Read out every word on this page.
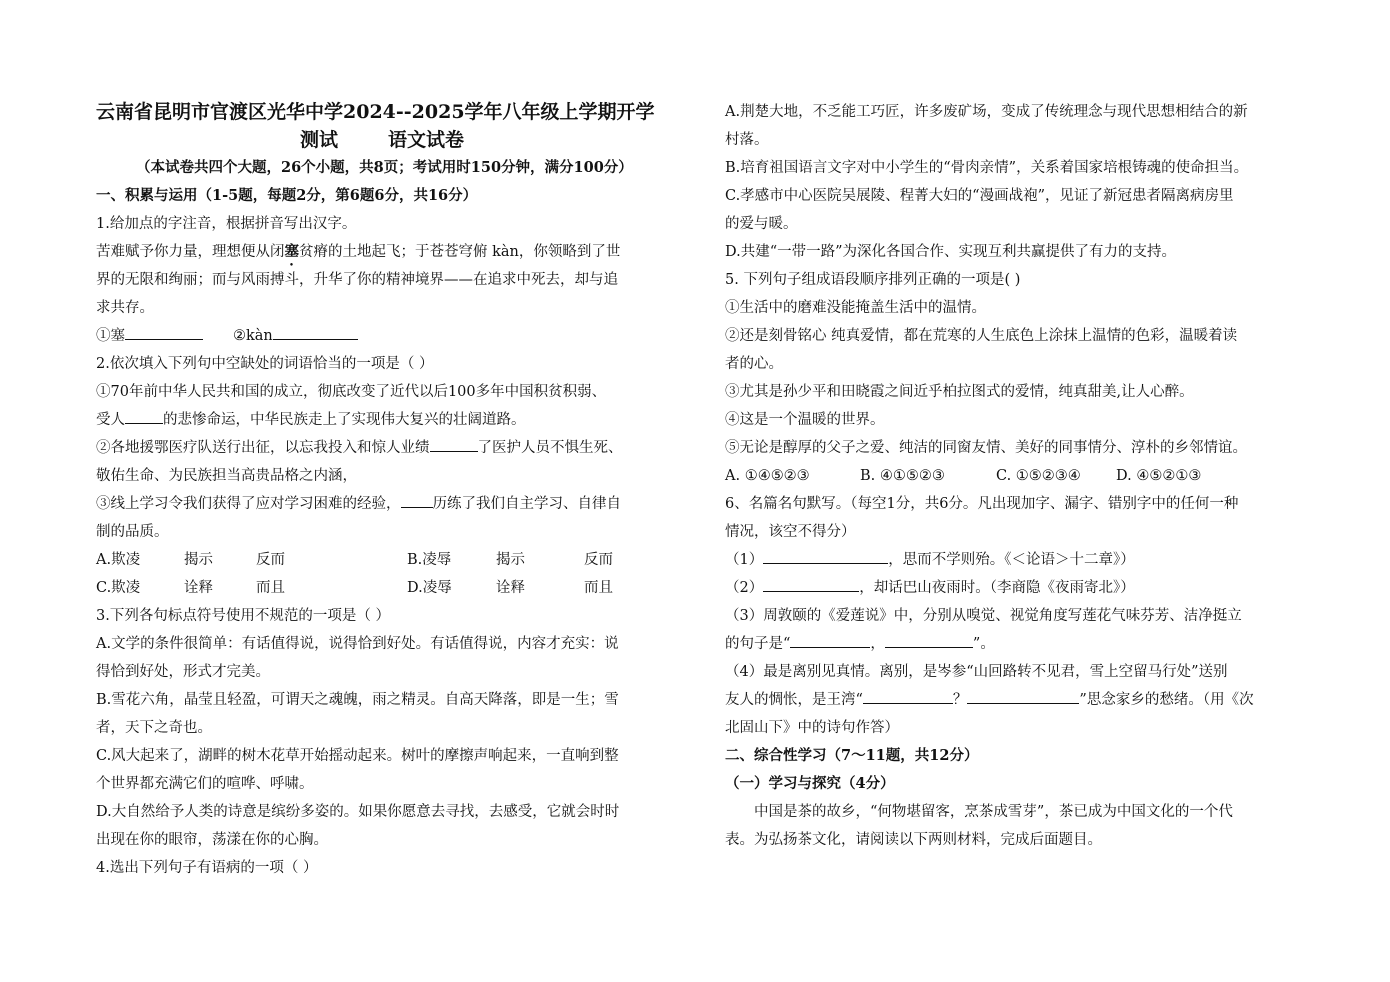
云南省昆明市官渡区光华中学2024--2025学年八年级上学期开学
测试	语文试卷
（本试卷共四个大题，26个小题，共8页；考试用时150分钟，满分100分）
一、积累与运用（1-5题，每题2分，第6题6分，共16分）
1.给加点的字注音，根据拼音写出汉字。
苦难赋予你力量，理想便从闭塞贫瘠的土地起飞；于苍苍穹俯 kàn，你领略到了世
界的无限和绚丽；而与风雨搏斗，升华了你的精神境界——在追求中死去，却与追
求共存。
①塞	②kàn
2.依次填入下列句中空缺处的词语恰当的一项是（ ）
①70年前中华人民共和国的成立，彻底改变了近代以后100多年中国积贫积弱、
受人	的悲惨命运，中华民族走上了实现伟大复兴的壮阔道路。
②各地援鄂医疗队送行出征，以忘我投入和惊人业绩	了医护人员不惧生死、
敬佑生命、为民族担当高贵品格之内涵，
③线上学习令我们获得了应对学习困难的经验， 历练了我们自主学习、自律自
制的品质。
A.欺凌	揭示	反而	B.凌辱	揭示	反而
C.欺凌	诠释	而且	D.凌辱	诠释	而且
3.下列各句标点符号使用不规范的一项是（ ）
A.文学的条件很简单：有话值得说，说得恰到好处。有话值得说，内容才充实：说
得恰到好处，形式才完美。
B.雪花六角，晶莹且轻盈，可谓天之魂魄，雨之精灵。自高天降落，即是一生；雪
者，天下之奇也。
C.风大起来了，湖畔的树木花草开始摇动起来。树叶的摩擦声响起来，一直响到整
个世界都充满它们的喧哗、呼啸。
D.大自然给予人类的诗意是缤纷多姿的。如果你愿意去寻找，去感受，它就会时时
出现在你的眼帘，荡漾在你的心胸。
4.选出下列句子有语病的一项（ ）
A.荆楚大地，不乏能工巧匠，许多废矿场，变成了传统理念与现代思想相结合的新
村落。
B.培育祖国语言文字对中小学生的“骨肉亲情”，关系着国家培根铸魂的使命担当。
C.孝感市中心医院吴展陵、程菁大妇的“漫画战袍”，见证了新冠患者隔离病房里
的爱与暖。
D.共建“一带一路”为深化各国合作、实现互利共赢提供了有力的支持。
5. 下列句子组成语段顺序排列正确的一项是( )
①生活中的磨难没能掩盖生活中的温情。
②还是刻骨铭心 纯真爱情，都在荒寒的人生底色上涂抹上温情的色彩，温暖着读
者的心。
③尤其是孙少平和田晓霞之间近乎柏拉图式的爱情，纯真甜美,让人心醉。
④这是一个温暖的世界。
⑤无论是醇厚的父子之爱、纯洁的同窗友情、美好的同事情分、淳朴的乡邻情谊。
A. ①④⑤②③	B. ④①⑤②③	C. ①⑤②③④ D. ④⑤②①③
6、名篇名句默写。（每空1分，共6分。凡出现加字、漏字、错别字中的任何一种
情况，该空不得分）
（1）	，思而不学则殆。《＜论语＞十二章》）
（2）	，却话巴山夜雨时。（李商隐《夜雨寄北》）
（3）周敦颐的《爱莲说》中，分别从嗅觉、视觉角度写莲花气味芬芳、洁净挺立
的句子是“	，	”。
（4）最是离别见真情。离别，是岑参“山回路转不见君，雪上空留马行处”送别
友人的惆怅，是王湾“	？	”思念家乡的愁绪。（用《次
北固山下》中的诗句作答）
二、综合性学习（7～11题，共12分）
（一）学习与探究（4分）
中国是茶的故乡，“何物堪留客，烹茶成雪芽”，茶已成为中国文化的一个代
表。为弘扬茶文化，请阅读以下两则材料，完成后面题目。
